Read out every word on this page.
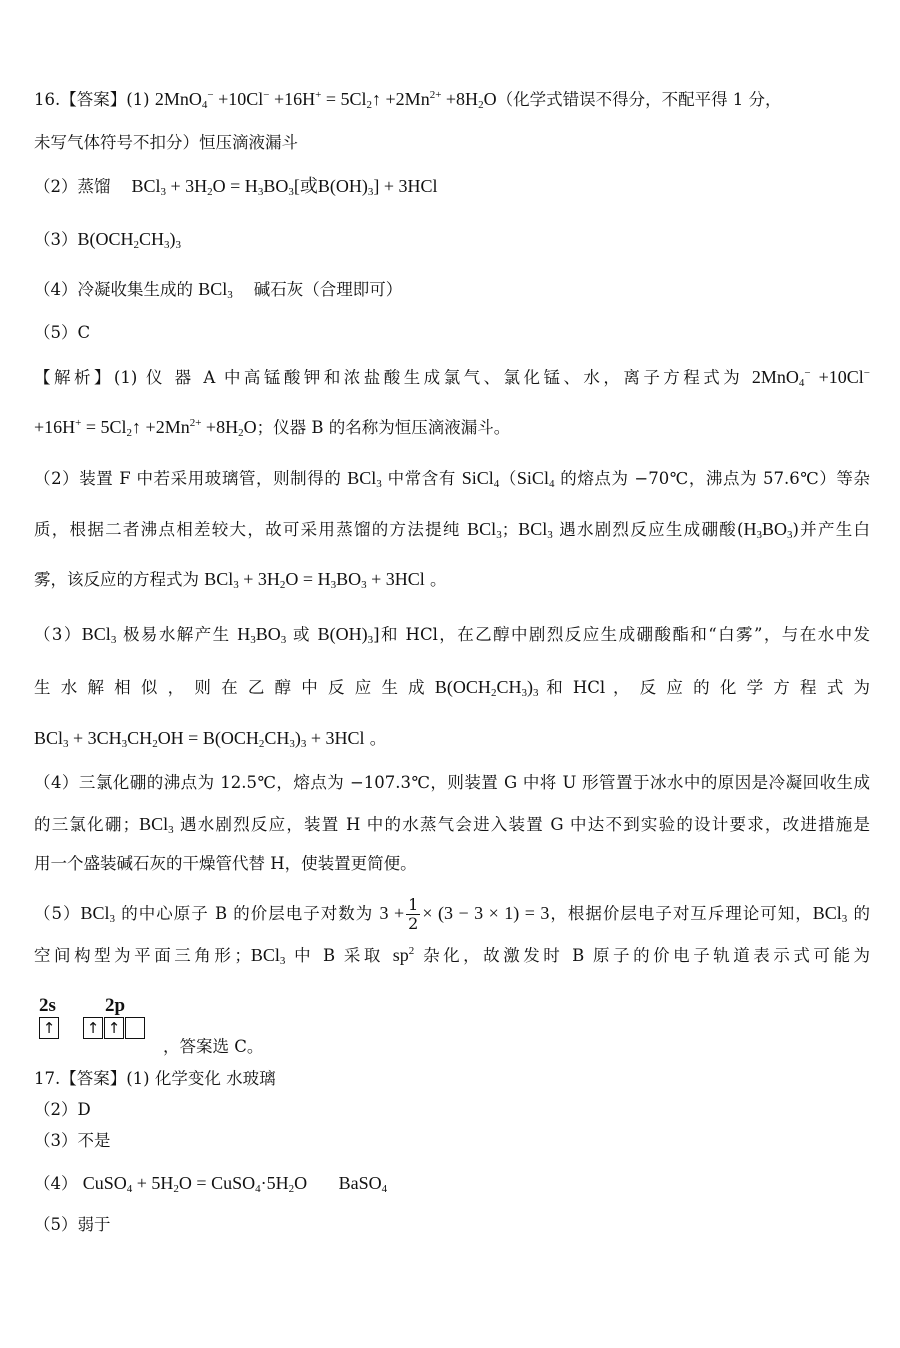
16.【答案】(1) $2MnO_4^- +10Cl^- +16H^+ = 5Cl_2↑ +2Mn^{2+} +8H_2O$（化学式错误不得分，不配平得 1 分，
未写气体符号不扣分）恒压滴液漏斗
（2）蒸馏    $BCl_3 + 3H_2O = H_3BO_3$[或$B(OH)_3] + 3HCl$
$(3)B(OCH_2CH_3)_3$
（4）冷凝收集生成的 BCl$_3$    碱石灰（合理即可）
（5）C
【解析】(1) 仪 器 A 中高锰酸钾和浓盐酸生成氯气、氯化锰、水，离子方程式为 2MnO$_4$− +10Cl−
$+16H^+ = 5Cl_2↑ +2Mn^{2+} +8H_2O$；仪器 B 的名称为恒压滴液漏斗。
（2）装置 F 中若采用玻璃管，则制得的 BCl$_3$ 中常含有 SiCl$_4$（SiCl$_4$ 的熔点为 −70℃，沸点为 57.6℃）等杂
质，根据二者沸点相差较大，故可采用蒸馏的方法提纯 BCl$_3$；BCl$_3$ 遇水剧烈反应生成硼酸$(H_3BO_3)$并产生白
雾，该反应的方程式为 $BCl_3 + 3H_2O = H_3BO_3 + 3HCl$ 。
（3）BCl$_3$ 极易水解产生 $H_3BO_3$ 或 $B(OH)_3$]和 HCl，在乙醇中剧烈反应生成硼酸酯和“白雾”，与在水中发
生 水 解 相 似 ， 则 在 乙 醇 中 反 应 生 成 $B(OCH_2CH_3)_3$ 和 HCl ， 反 应 的 化 学 方 程 式 为
$BCl_3 + 3CH_3CH_2OH = B(OCH_2CH_3)_3 + 3HCl$ 。
（4）三氯化硼的沸点为 12.5℃，熔点为 −107.3℃，则装置 G 中将 U 形管置于冰水中的原因是冷凝回收生成
的三氯化硼；BCl$_3$ 遇水剧烈反应，装置 H 中的水蒸气会进入装置 G 中达不到实验的设计要求，改进措施是
用一个盛装碱石灰的干燥管代替 H，使装置更简便。
（5）BCl$_3$ 的中心原子 B 的价层电子对数为 $3 + \frac{1}{2} \times (3 - 3 \times 1) = 3$，根据价层电子对互斥理论可知，BCl$_3$ 的
空间构型为平面三角形；BCl$_3$ 中 B 采取 $sp^2$ 杂化，故激发时 B 原子的价电子轨道表示式可能为
2s	2p
↑ ↑ ↑
，答案选 C。
17.【答案】(1) 化学变化 水玻璃
（2）D
（3）不是
（4） CuSO$_4$ + $5H_2O$ = $CuSO_4\cdot 5H_2O$ BaSO$_4$
（5）弱于
